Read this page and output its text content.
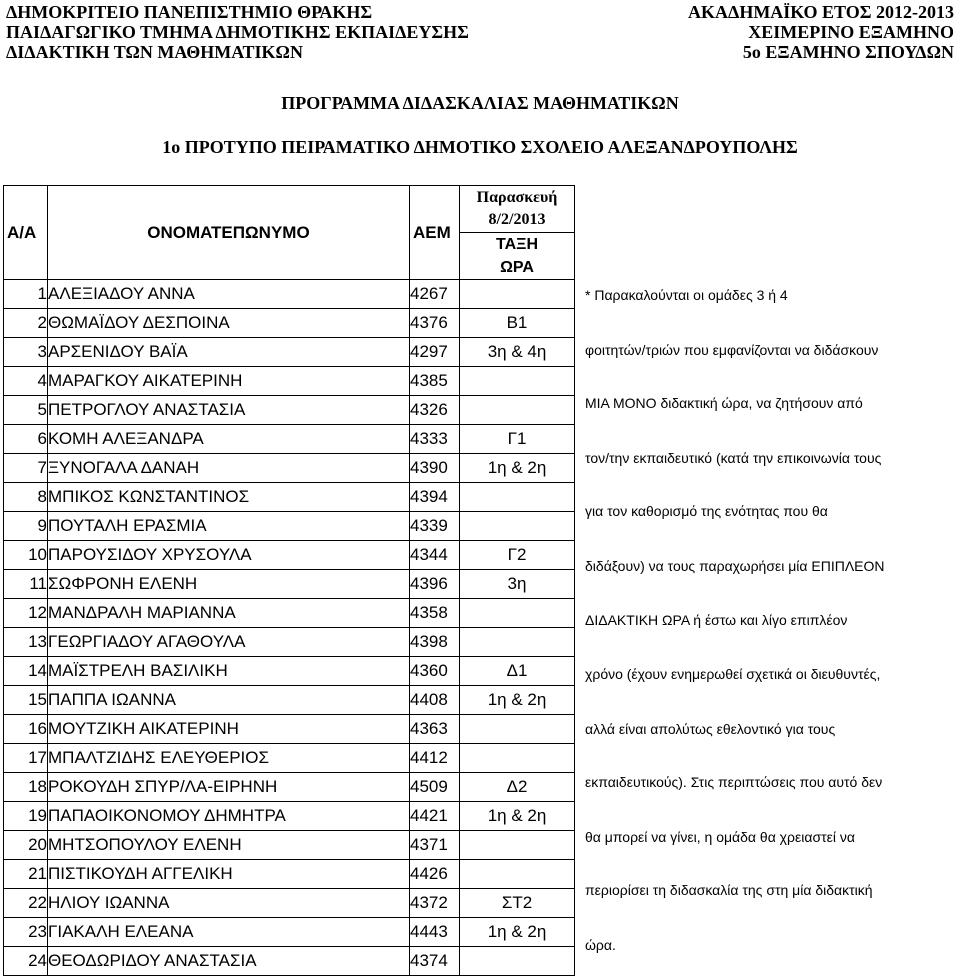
ΔΗΜΟΚΡΙΤΕΙΟ ΠΑΝΕΠΙΣΤΗΜΙΟ ΘΡΑΚΗΣ
ΠΑΙΔΑΓΩΓΙΚΟ ΤΜΗΜΑ ΔΗΜΟΤΙΚΗΣ ΕΚΠΑΙΔΕΥΣΗΣ
ΔΙΔΑΚΤΙΚΗ ΤΩΝ ΜΑΘΗΜΑΤΙΚΩΝ
ΑΚΑΔΗΜΑΪΚΟ ΕΤΟΣ 2012-2013
ΧΕΙΜΕΡΙΝΟ ΕΞΑΜΗΝΟ
5ο ΕΞΑΜΗΝΟ ΣΠΟΥΔΩΝ
ΠΡΟΓΡΑΜΜΑ ΔΙΔΑΣΚΑΛΙΑΣ ΜΑΘΗΜΑΤΙΚΩΝ
1ο ΠΡΟΤΥΠΟ ΠΕΙΡΑΜΑΤΙΚΟ ΔΗΜΟΤΙΚΟ ΣΧΟΛΕΙΟ ΑΛΕΞΑΝΔΡΟΥΠΟΛΗΣ
Α/Α	ΟΝΟΜΑΤΕΠΩΝΥΜΟ	ΑΕΜ	Παρασκευή
8/2/2013

			ΤΑΞΗ
			ΩΡΑ
1	ΑΛΕΞΙΑΔΟΥ ΑΝΝΑ	4267	
2	ΘΩΜΑΪΔΟΥ ΔΕΣΠΟΙΝΑ	4376	Β1
3	ΑΡΣΕΝΙΔΟΥ ΒΑΪΑ	4297	3η & 4η
4	ΜΑΡΑΓΚΟΥ ΑΙΚΑΤΕΡΙΝΗ	4385	
5	ΠΕΤΡΟΓΛΟΥ ΑΝΑΣΤΑΣΙΑ	4326	
6	ΚΟΜΗ ΑΛΕΞΑΝΔΡΑ	4333	Γ1
7	ΞΥΝΟΓΑΛΑ ΔΑΝΑΗ	4390	1η & 2η
8	ΜΠΙΚΟΣ ΚΩΝΣΤΑΝΤΙΝΟΣ	4394	
9	ΠΟΥΤΑΛΗ ΕΡΑΣΜΙΑ	4339	
10	ΠΑΡΟΥΣΙΔΟΥ ΧΡΥΣΟΥΛΑ	4344	Γ2
11	ΣΩΦΡΟΝΗ ΕΛΕΝΗ	4396	3η
12	ΜΑΝΔΡΑΛΗ ΜΑΡΙΑΝΝΑ	4358	
13	ΓΕΩΡΓΙΑΔΟΥ ΑΓΑΘΟΥΛΑ	4398	
14	ΜΑΪΣΤΡΕΛΗ ΒΑΣΙΛΙΚΗ	4360	Δ1
15	ΠΑΠΠΑ ΙΩΑΝΝΑ	4408	1η & 2η
16	ΜΟΥΤΖΙΚΗ ΑΙΚΑΤΕΡΙΝΗ	4363	
17	ΜΠΑΛΤΖΙΔΗΣ ΕΛΕΥΘΕΡΙΟΣ	4412	
18	ΡΟΚΟΥΔΗ ΣΠΥΡ/ΛΑ-ΕΙΡΗΝΗ	4509	Δ2
19	ΠΑΠΑΟΙΚΟΝΟΜΟΥ ΔΗΜΗΤΡΑ	4421	1η & 2η
20	ΜΗΤΣΟΠΟΥΛΟΥ ΕΛΕΝΗ	4371	
21	ΠΙΣΤΙΚΟΥΔΗ ΑΓΓΕΛΙΚΗ	4426	
22	ΗΛΙΟΥ ΙΩΑΝΝΑ	4372	ΣΤ2
23	ΓΙΑΚΑΛΗ ΕΛΕΑΝΑ	4443	1η & 2η
24	ΘΕΟΔΩΡΙΔΟΥ ΑΝΑΣΤΑΣΙΑ	4374	
* Παρακαλούνται οι ομάδες 3 ή 4
φοιτητών/τριών που εμφανίζονται να διδάσκουν
ΜΙΑ ΜΟΝΟ διδακτική ώρα, να ζητήσουν από
τον/την εκπαιδευτικό (κατά την επικοινωνία τους
για τον καθορισμό της ενότητας που θα
διδάξουν) να τους παραχωρήσει μία ΕΠΙΠΛΕΟΝ
ΔΙΔΑΚΤΙΚΗ ΩΡΑ ή έστω και λίγο επιπλέον
χρόνο (έχουν ενημερωθεί σχετικά οι διευθυντές,
αλλά είναι απολύτως εθελοντικό για τους
εκπαιδευτικούς). Στις περιπτώσεις που αυτό δεν
θα μπορεί να γίνει, η ομάδα θα χρειαστεί να
περιορίσει τη διδασκαλία της στη μία διδακτική
ώρα.
